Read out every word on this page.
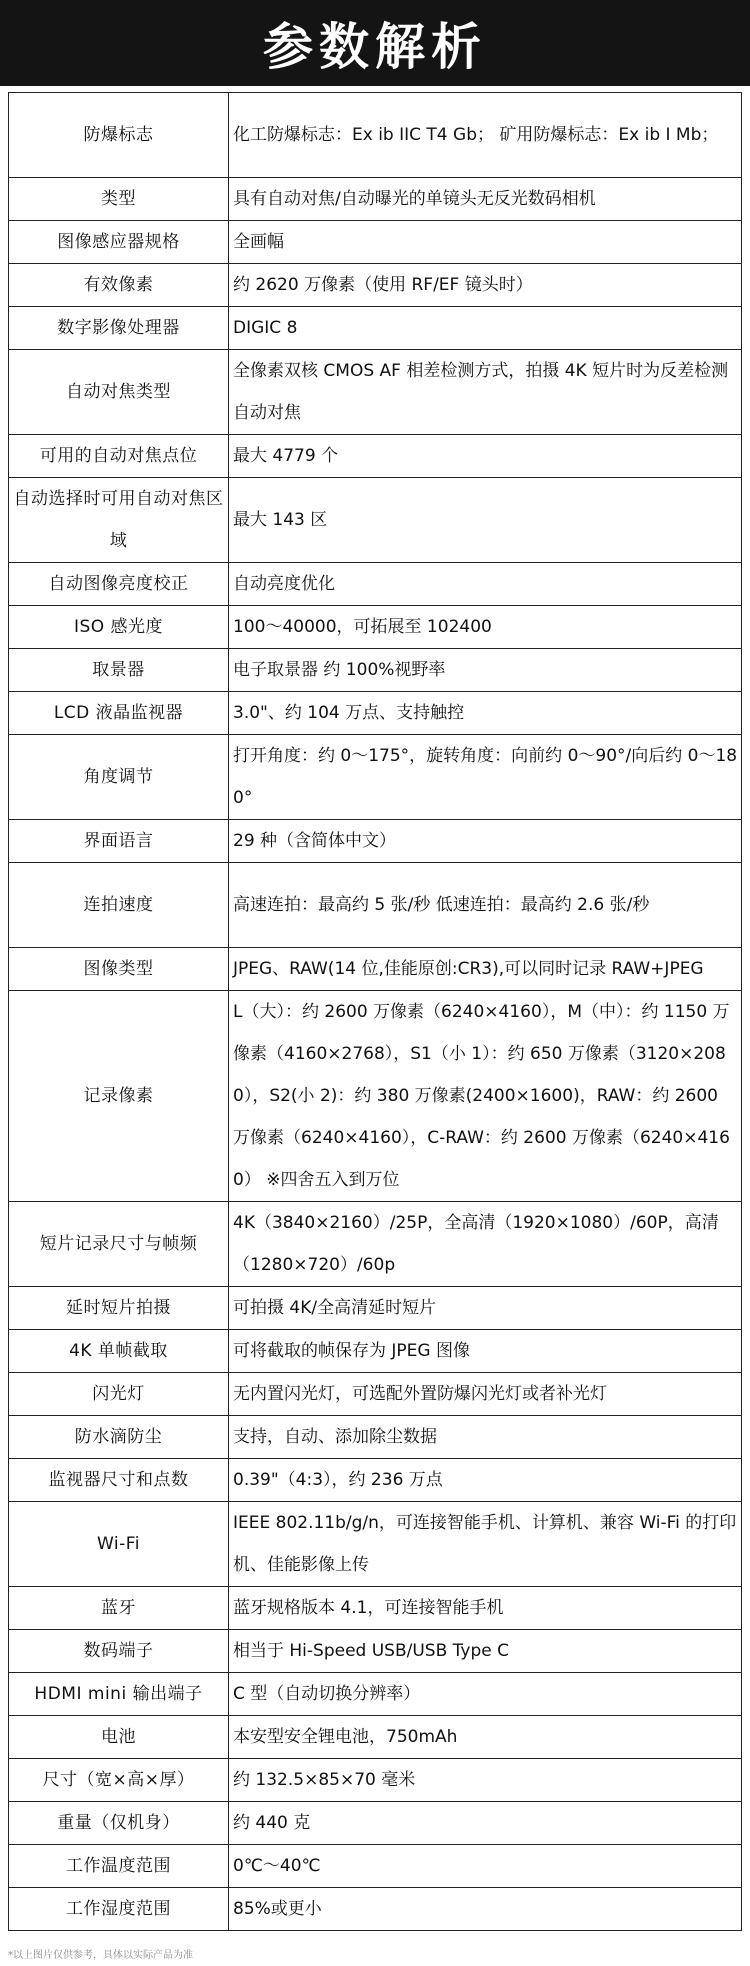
参数解析
防爆标志	化工防爆标志：Ex ib IIC T4 Gb； 矿用防爆标志：Ex ib I Mb；
类型	具有自动对焦/自动曝光的单镜头无反光数码相机
图像感应器规格	全画幅
有效像素	约 2620 万像素（使用 RF/EF 镜头时）
数字影像处理器	DIGIC 8
自动对焦类型	全像素双核 CMOS AF 相差检测方式，拍摄 4K 短片时为反差检测自动对焦
可用的自动对焦点位	最大 4779 个
自动选择时可用自动对焦区域	最大 143 区
自动图像亮度校正	自动亮度优化
ISO 感光度	100～40000，可拓展至 102400
取景器	电子取景器 约 100%视野率
LCD 液晶监视器	3.0"、约 104 万点、支持触控
角度调节	打开角度：约 0～175°，旋转角度：向前约 0～90°/向后约 0～180°
界面语言	29 种（含简体中文）
连拍速度	高速连拍：最高约 5 张/秒 低速连拍：最高约 2.6 张/秒
图像类型	JPEG、RAW(14 位,佳能原创:CR3),可以同时记录 RAW+JPEG
记录像素	L（大）：约 2600 万像素（6240×4160），M（中）：约 1150 万像素（4160×2768），S1（小 1）：约 650 万像素（3120×2080），S2(小 2)：约 380 万像素(2400×1600)，RAW：约 2600 万像素（6240×4160），C-RAW：约 2600 万像素（6240×4160） ※四舍五入到万位
短片记录尺寸与帧频	4K（3840×2160）/25P，全高清（1920×1080）/60P，高清（1280×720）/60p
延时短片拍摄	可拍摄 4K/全高清延时短片
4K 单帧截取	可将截取的帧保存为 JPEG 图像
闪光灯	无内置闪光灯，可选配外置防爆闪光灯或者补光灯
防水滴防尘	支持，自动、添加除尘数据
监视器尺寸和点数	0.39"（4:3），约 236 万点
Wi-Fi	IEEE 802.11b/g/n，可连接智能手机、计算机、兼容 Wi-Fi 的打印机、佳能影像上传
蓝牙	蓝牙规格版本 4.1，可连接智能手机
数码端子	相当于 Hi-Speed USB/USB Type C
HDMI mini 输出端子	C 型（自动切换分辨率）
电池	本安型安全锂电池，750mAh
尺寸（宽×高×厚）	约 132.5×85×70 毫米
重量（仅机身）	约 440 克
工作温度范围	0℃～40℃
工作湿度范围	85%或更小
*以上图片仅供参考，具体以实际产品为准
